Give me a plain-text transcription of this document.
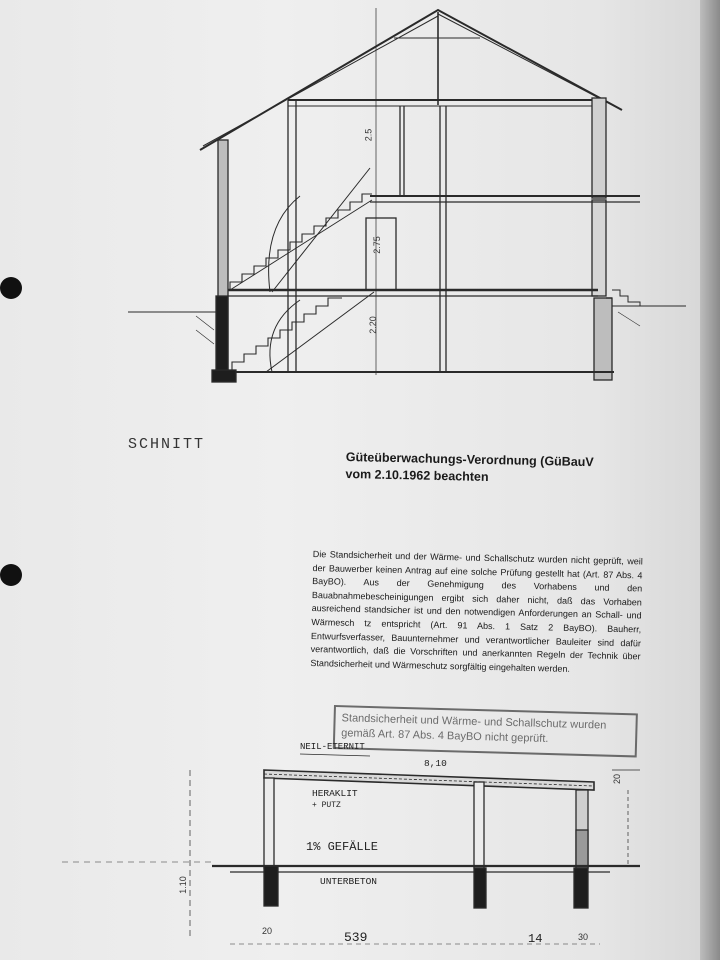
2.5
2.75
2.20
SCHNITT
Güteüberwachungs-Verordnung (GüBauV
vom 2.10.1962 beachten
Die Standsicherheit und der Wärme- und Schallschutz wurden nicht geprüft, weil der Bauwerber keinen Antrag auf eine solche Prüfung gestellt hat (Art. 87 Abs. 4 BayBO). Aus der Genehmigung des Vorhabens und den Bauabnahmebescheinigungen ergibt sich daher nicht, daß das Vorhaben ausreichend standsicher ist und den notwendigen Anforderungen an Schall- und Wärmesch tz entspricht (Art. 91 Abs. 1 Satz 2 BayBO). Bauherr, Entwurfsverfasser, Bauunternehmer und verantwortlicher Bauleiter sind dafür verantwortlich, daß die Vorschriften und anerkannten Regeln der Technik über Standsicherheit und Wärmeschutz sorgfältig eingehalten werden.
Standsicherheit und Wärme- und Schallschutz wurden gemäß Art. 87 Abs. 4 BayBO nicht geprüft.
NEIL-ETERNIT
8,10
HERAKLIT
+ PUTZ
1% GEFÄLLE
UNTERBETON
20
1.10
20	539	14	30
